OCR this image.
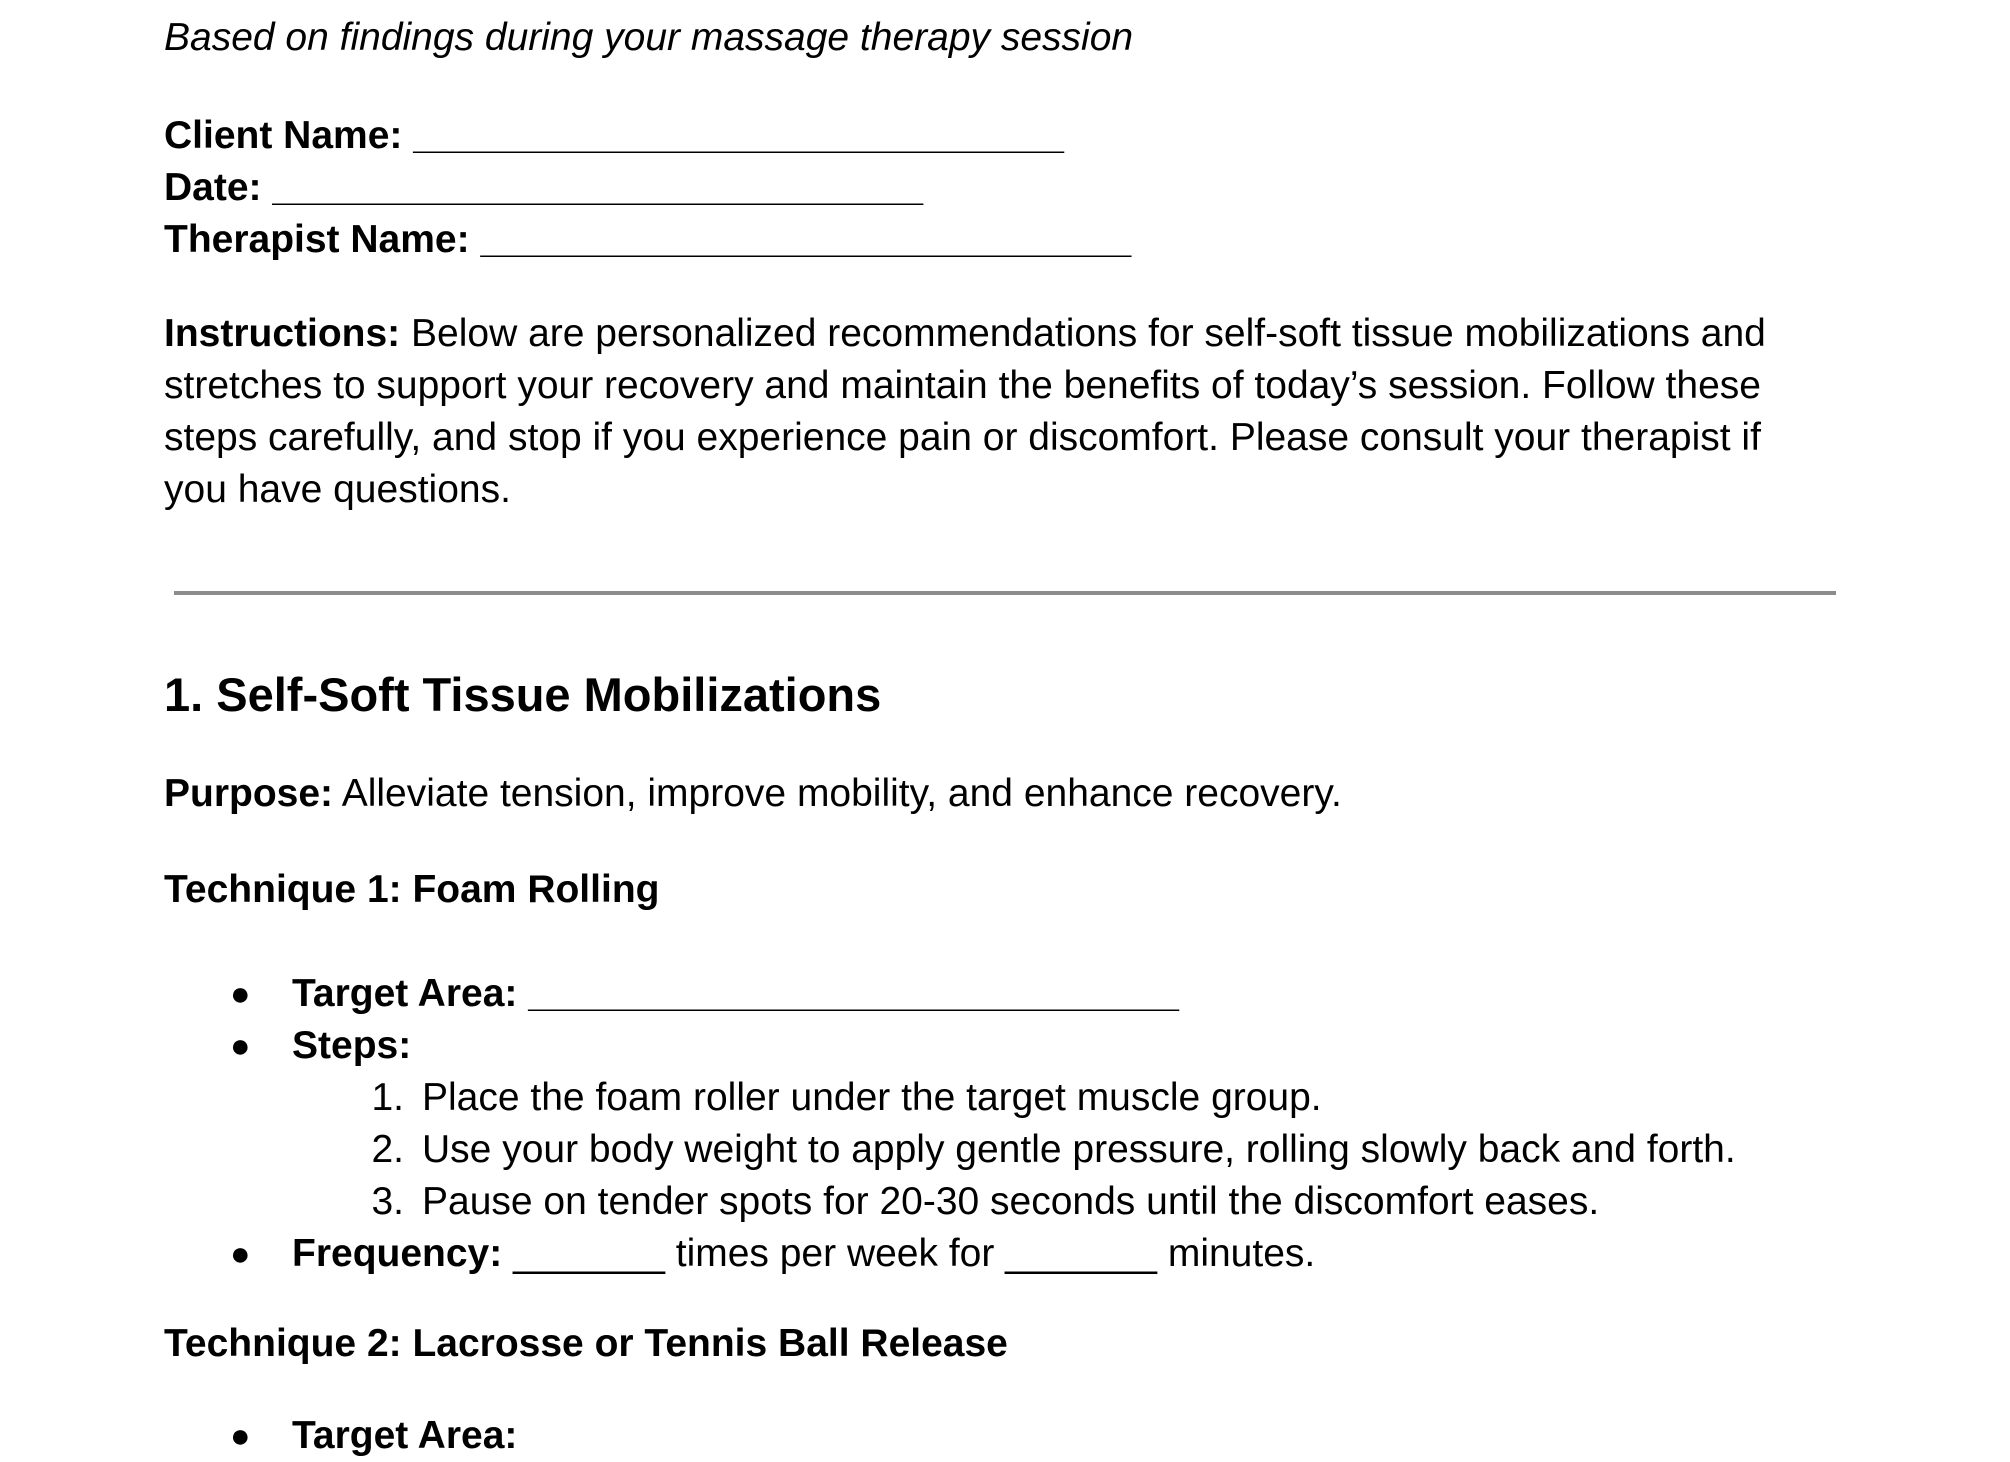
Based on findings during your massage therapy session
Client Name: ______________________________
Date: ______________________________
Therapist Name: ______________________________
Instructions: Below are personalized recommendations for self-soft tissue mobilizations and stretches to support your recovery and maintain the benefits of today’s session. Follow these steps carefully, and stop if you experience pain or discomfort. Please consult your therapist if you have questions.
1. Self-Soft Tissue Mobilizations
Purpose: Alleviate tension, improve mobility, and enhance recovery.
Technique 1: Foam Rolling
● Target Area: ______________________________
● Steps:
1. Place the foam roller under the target muscle group.
2. Use your body weight to apply gentle pressure, rolling slowly back and forth.
3. Pause on tender spots for 20-30 seconds until the discomfort eases.
● Frequency: _______ times per week for _______ minutes.
Technique 2: Lacrosse or Tennis Ball Release
● Target Area:
